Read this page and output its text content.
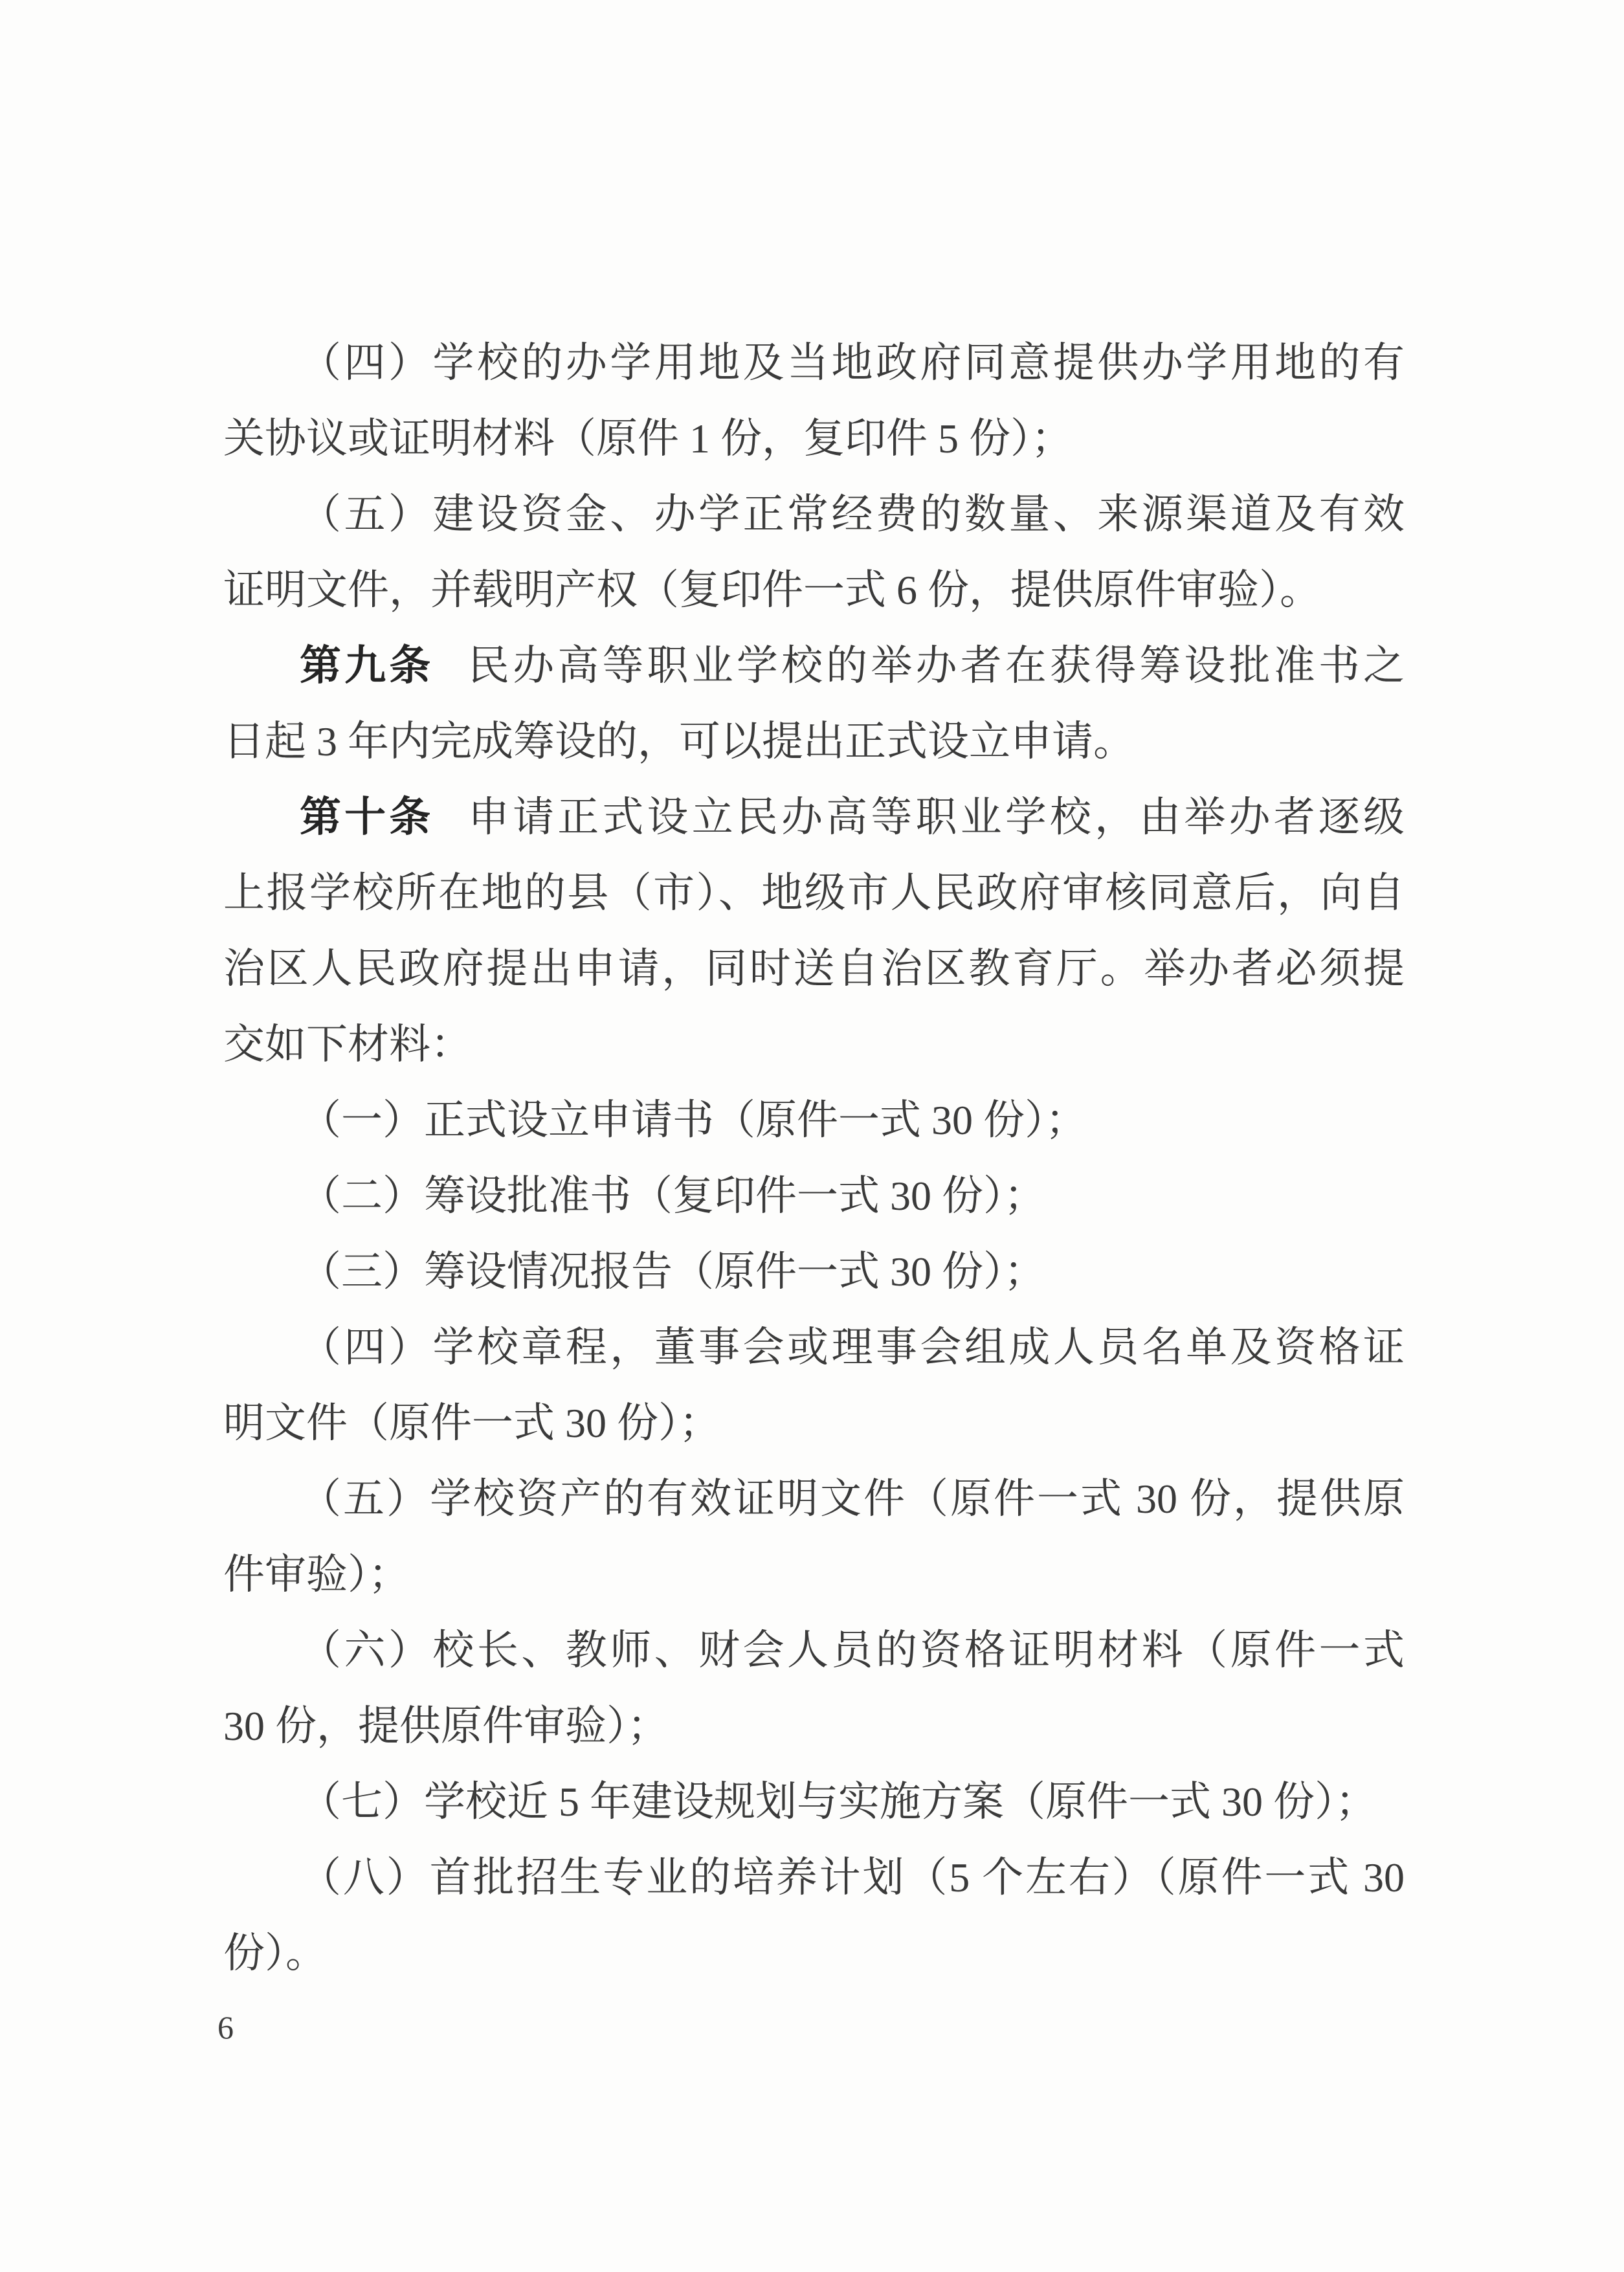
（四）学校的办学用地及当地政府同意提供办学用地的有
关协议或证明材料（原件 1 份，复印件 5 份）；
（五）建设资金、办学正常经费的数量、来源渠道及有效
证明文件，并载明产权（复印件一式 6 份，提供原件审验）。
第九条 民办高等职业学校的举办者在获得筹设批准书之
日起 3 年内完成筹设的，可以提出正式设立申请。
第十条 申请正式设立民办高等职业学校，由举办者逐级
上报学校所在地的县（市）、地级市人民政府审核同意后，向自
治区人民政府提出申请，同时送自治区教育厅。举办者必须提
交如下材料：
（一）正式设立申请书（原件一式 30 份）；
（二）筹设批准书（复印件一式 30 份）；
（三）筹设情况报告（原件一式 30 份）；
（四）学校章程，董事会或理事会组成人员名单及资格证
明文件（原件一式 30 份）；
（五）学校资产的有效证明文件（原件一式 30 份，提供原
件审验）；
（六）校长、教师、财会人员的资格证明材料（原件一式
30 份，提供原件审验）；
（七）学校近 5 年建设规划与实施方案（原件一式 30 份）；
（八）首批招生专业的培养计划（5 个左右）（原件一式 30
份）。
6
